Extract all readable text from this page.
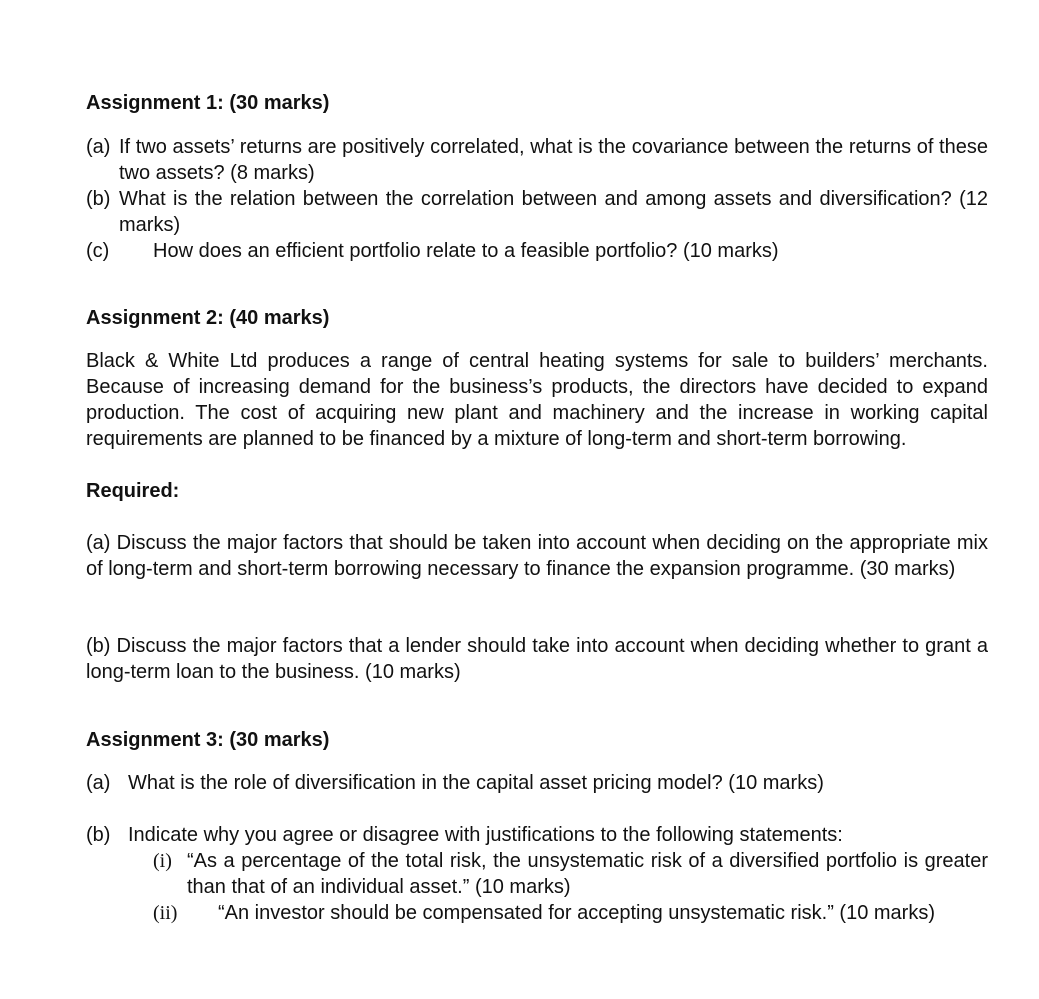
Assignment 1: (30 marks)
(a) If two assets’ returns are positively correlated, what is the covariance between the returns of these two assets? (8 marks)
(b) What is the relation between the correlation between and among assets and diversification? (12 marks)
(c)	How does an efficient portfolio relate to a feasible portfolio? (10 marks)
Assignment 2: (40 marks)
Black & White Ltd produces a range of central heating systems for sale to builders’ merchants. Because of increasing demand for the business’s products, the directors have decided to expand production. The cost of acquiring new plant and machinery and the increase in working capital requirements are planned to be financed by a mixture of long-term and short-term borrowing.
Required:
(a) Discuss the major factors that should be taken into account when deciding on the appropriate mix of long-term and short-term borrowing necessary to finance the expansion programme. (30 marks)
(b) Discuss the major factors that a lender should take into account when deciding whether to grant a long-term loan to the business. (10 marks)
Assignment 3: (30 marks)
(a) What is the role of diversification in the capital asset pricing model? (10 marks)
(b) Indicate why you agree or disagree with justifications to the following statements:
(i) “As a percentage of the total risk, the unsystematic risk of a diversified portfolio is greater than that of an individual asset.” (10 marks)
(ii) “An investor should be compensated for accepting unsystematic risk.” (10 marks)
